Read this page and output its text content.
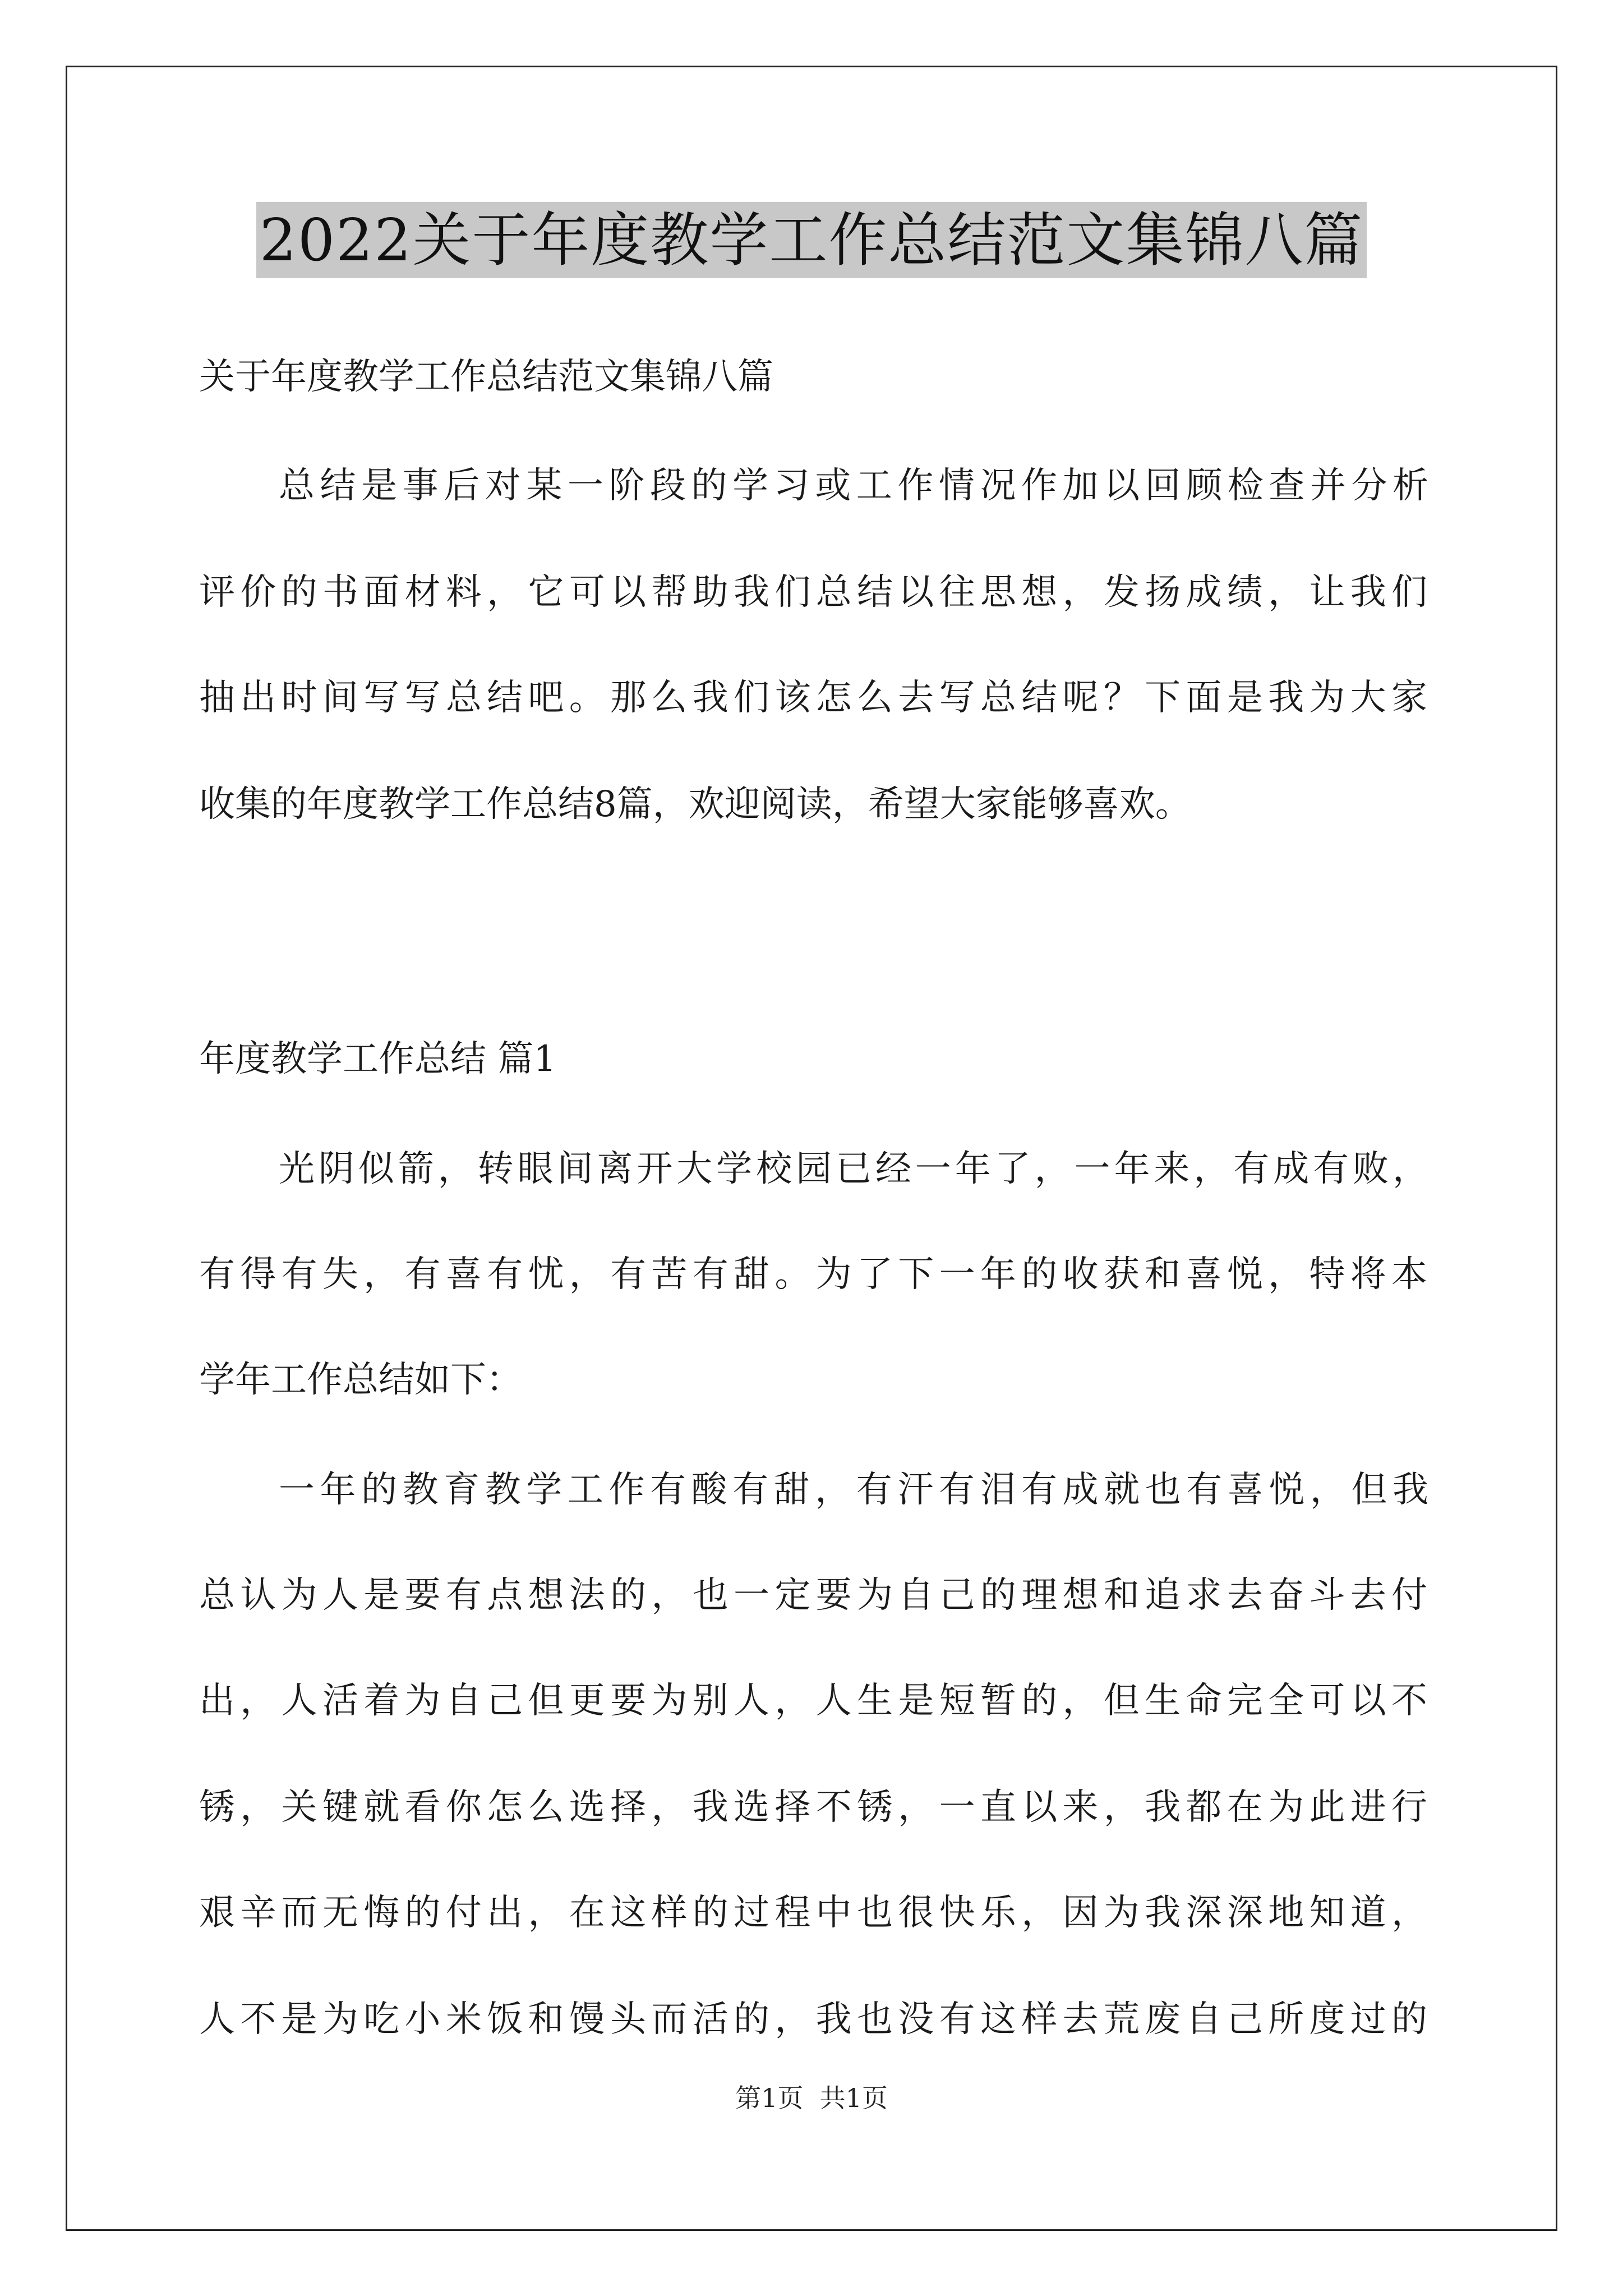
2022关于年度教学工作总结范文集锦八篇
关于年度教学工作总结范文集锦八篇
总结是事后对某一阶段的学习或工作情况作加以回顾检查并分析
评价的书面材料，它可以帮助我们总结以往思想，发扬成绩，让我们
抽出时间写写总结吧。那么我们该怎么去写总结呢？下面是我为大家
收集的年度教学工作总结8篇，欢迎阅读，希望大家能够喜欢。
年度教学工作总结 篇1
光阴似箭，转眼间离开大学校园已经一年了，一年来，有成有败，
有得有失，有喜有忧，有苦有甜。为了下一年的收获和喜悦，特将本
学年工作总结如下：
一年的教育教学工作有酸有甜，有汗有泪有成就也有喜悦，但我
总认为人是要有点想法的，也一定要为自己的理想和追求去奋斗去付
出，人活着为自己但更要为别人，人生是短暂的，但生命完全可以不
锈，关键就看你怎么选择，我选择不锈，一直以来，我都在为此进行
艰辛而无悔的付出，在这样的过程中也很快乐，因为我深深地知道，
人不是为吃小米饭和馒头而活的，我也没有这样去荒废自己所度过的
第1页  共1页
